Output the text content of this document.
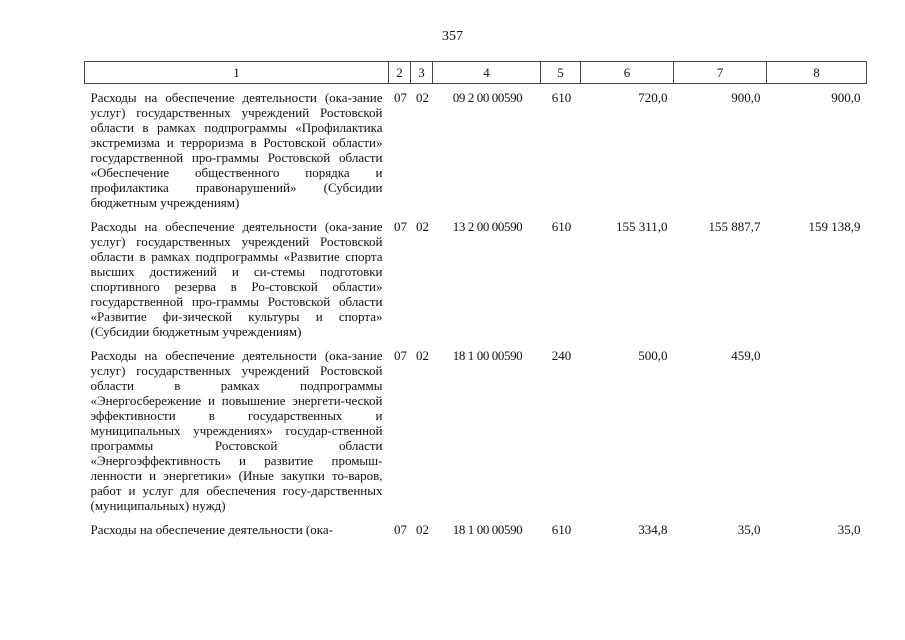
357
1	2	3	4	5	6	7	8
Расходы на обеспечение деятельности (ока-зание услуг) государственных учреждений Ростовской области в рамках подпрограммы «Профилактика экстремизма и терроризма в Ростовской области» государственной про-граммы Ростовской области «Обеспечение общественного порядка и профилактика правонарушений» (Субсидии бюджетным учреждениям)	07	02	09 2 00 00590	610	720,0	900,0	900,0
Расходы на обеспечение деятельности (ока-зание услуг) государственных учреждений Ростовской области в рамках подпрограммы «Развитие спорта высших достижений и си-стемы подготовки спортивного резерва в Ро-стовской области» государственной про-граммы Ростовской области «Развитие фи-зической культуры и спорта» (Субсидии бюджетным учреждениям)	07	02	13 2 00 00590	610	155 311,0	155 887,7	159 138,9
Расходы на обеспечение деятельности (ока-зание услуг) государственных учреждений Ростовской области в рамках подпрограммы «Энергосбережение и повышение энергети-ческой эффективности в государственных и муниципальных учреждениях» государ-ственной программы Ростовской области «Энергоэффективность и развитие промыш-ленности и энергетики» (Иные закупки то-варов, работ и услуг для обеспечения госу-дарственных (муниципальных) нужд)	07	02	18 1 00 00590	240	500,0	459,0	
Расходы на обеспечение деятельности (ока-	07	02	18 1 00 00590	610	334,8	35,0	35,0
